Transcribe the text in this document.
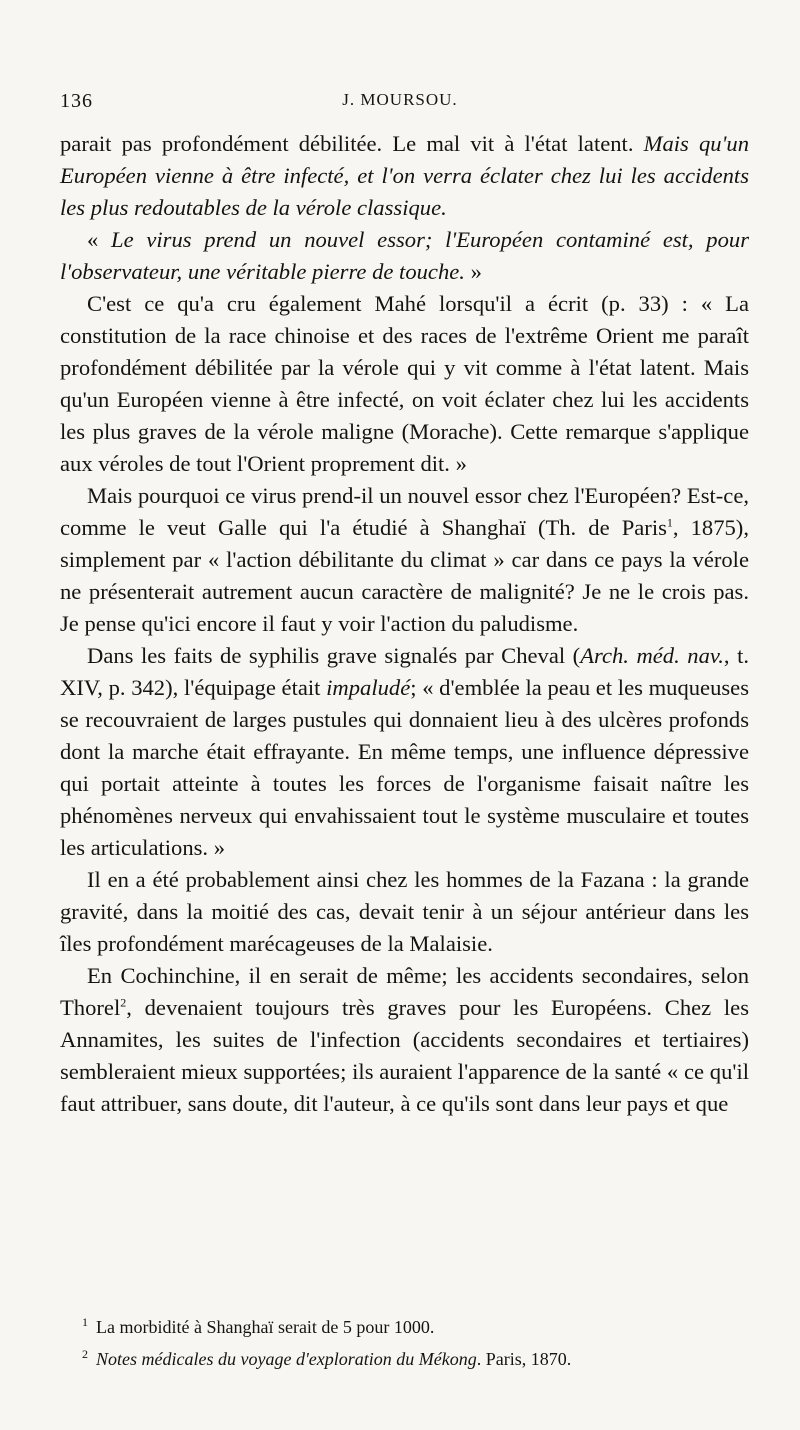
136	J. MOURSOU.

parait pas profondément débilitée. Le mal vit à l'état latent. Mais qu'un Européen vienne à être infecté, et l'on verra éclater chez lui les accidents les plus redoutables de la vérole classique.

« Le virus prend un nouvel essor; l'Européen contaminé est, pour l'observateur, une véritable pierre de touche. »

C'est ce qu'a cru également Mahé lorsqu'il a écrit (p. 33) : « La constitution de la race chinoise et des races de l'extrême Orient me paraît profondément débilitée par la vérole qui y vit comme à l'état latent. Mais qu'un Européen vienne à être infecté, on voit éclater chez lui les accidents les plus graves de la vérole maligne (Morache). Cette remarque s'applique aux véroles de tout l'Orient proprement dit. »

Mais pourquoi ce virus prend-il un nouvel essor chez l'Européen? Est-ce, comme le veut Galle qui l'a étudié à Shanghaï (Th. de Paris$^1$, 1875), simplement par « l'action débilitante du climat » car dans ce pays la vérole ne présenterait autrement aucun caractère de malignité? Je ne le crois pas. Je pense qu'ici encore il faut y voir l'action du paludisme.

Dans les faits de syphilis grave signalés par Cheval (Arch. méd. nav., t. XIV, p. 342), l'équipage était impaludé; « d'emblée la peau et les muqueuses se recouvraient de larges pustules qui donnaient lieu à des ulcères profonds dont la marche était effrayante. En même temps, une influence dépressive qui portait atteinte à toutes les forces de l'organisme faisait naître les phénomènes nerveux qui envahissaient tout le système musculaire et toutes les articulations. »

Il en a été probablement ainsi chez les hommes de la Fazana : la grande gravité, dans la moitié des cas, devait tenir à un séjour antérieur dans les îles profondément marécageuses de la Malaisie.

En Cochinchine, il en serait de même; les accidents secondaires, selon Thorel$^2$, devenaient toujours très graves pour les Européens. Chez les Annamites, les suites de l'infection (accidents secondaires et tertiaires) sembleraient mieux supportées; ils auraient l'apparence de la santé « ce qu'il faut attribuer, sans doute, dit l'auteur, à ce qu'ils sont dans leur pays et que

$^1$ La morbidité à Shanghaï serait de 5 pour 1000.

$^2$ Notes médicales du voyage d'exploration du Mékong. Paris, 1870.
